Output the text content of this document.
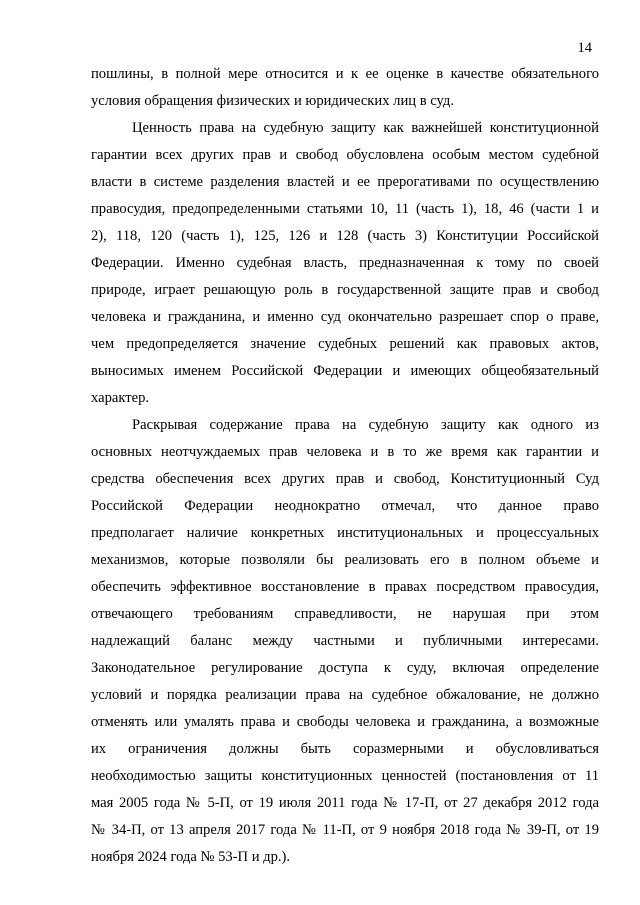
14
пошлины, в полной мере относится и к ее оценке в качестве обязательного
условия обращения физических и юридических лиц в суд.
Ценность права на судебную защиту как важнейшей конституционной
гарантии всех других прав и свобод обусловлена особым местом судебной
власти в системе разделения властей и ее прерогативами по осуществлению
правосудия, предопределенными статьями 10, 11 (часть 1), 18, 46 (части 1 и
2), 118, 120 (часть 1), 125, 126 и 128 (часть 3) Конституции Российской
Федерации. Именно судебная власть, предназначенная к тому по своей
природе, играет решающую роль в государственной защите прав и свобод
человека и гражданина, и именно суд окончательно разрешает спор о праве,
чем предопределяется значение судебных решений как правовых актов,
выносимых именем Российской Федерации и имеющих общеобязательный
характер.
Раскрывая содержание права на судебную защиту как одного из
основных неотчуждаемых прав человека и в то же время как гарантии и
средства обеспечения всех других прав и свобод, Конституционный Суд
Российской Федерации неоднократно отмечал, что данное право
предполагает наличие конкретных институциональных и процессуальных
механизмов, которые позволяли бы реализовать его в полном объеме и
обеспечить эффективное восстановление в правах посредством правосудия,
отвечающего требованиям справедливости, не нарушая при этом
надлежащий баланс между частными и публичными интересами.
Законодательное регулирование доступа к суду, включая определение
условий и порядка реализации права на судебное обжалование, не должно
отменять или умалять права и свободы человека и гражданина, а возможные
их ограничения должны быть соразмерными и обусловливаться
необходимостью защиты конституционных ценностей (постановления от 11
мая 2005 года № 5-П, от 19 июля 2011 года № 17-П, от 27 декабря 2012 года
№ 34-П, от 13 апреля 2017 года № 11-П, от 9 ноября 2018 года № 39-П, от 19
ноября 2024 года № 53-П и др.).
